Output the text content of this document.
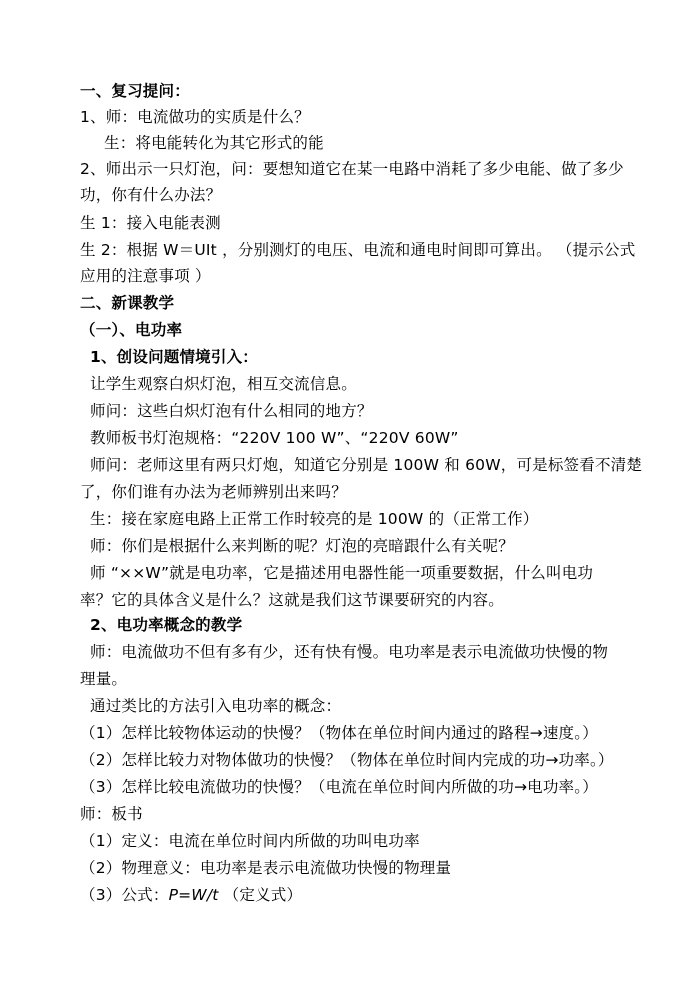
一、复习提问：
1、师：电流做功的实质是什么？
生：将电能转化为其它形式的能
2、师出示一只灯泡，问：要想知道它在某一电路中消耗了多少电能、做了多少
功，你有什么办法？
生 1：接入电能表测
生 2：根据 W＝UIt ，分别测灯的电压、电流和通电时间即可算出。 （提示公式
应用的注意事项 ）
二、新课教学
（一）、电功率
1、创设问题情境引入：
让学生观察白炽灯泡，相互交流信息。
师问：这些白炽灯泡有什么相同的地方？
教师板书灯泡规格：“220V 100 W”、“220V 60W”
师问：老师这里有两只灯炮，知道它分别是 100W 和 60W，可是标签看不清楚
了，你们谁有办法为老师辨别出来吗？
生：接在家庭电路上正常工作时较亮的是 100W 的（正常工作）
师：你们是根据什么来判断的呢？灯泡的亮暗跟什么有关呢？
师 “××W”就是电功率，它是描述用电器性能一项重要数据，什么叫电功
率？它的具体含义是什么？这就是我们这节课要研究的内容。
2、电功率概念的教学
师：电流做功不但有多有少，还有快有慢。电功率是表示电流做功快慢的物
理量。
通过类比的方法引入电功率的概念：
（1）怎样比较物体运动的快慢？（物体在单位时间内通过的路程→速度。）
（2）怎样比较力对物体做功的快慢？（物体在单位时间内完成的功→功率。）
（3）怎样比较电流做功的快慢？（电流在单位时间内所做的功→电功率。）
师：板书
（1）定义：电流在单位时间内所做的功叫电功率
（2）物理意义：电功率是表示电流做功快慢的物理量
（3）公式：P=W/t （定义式）
